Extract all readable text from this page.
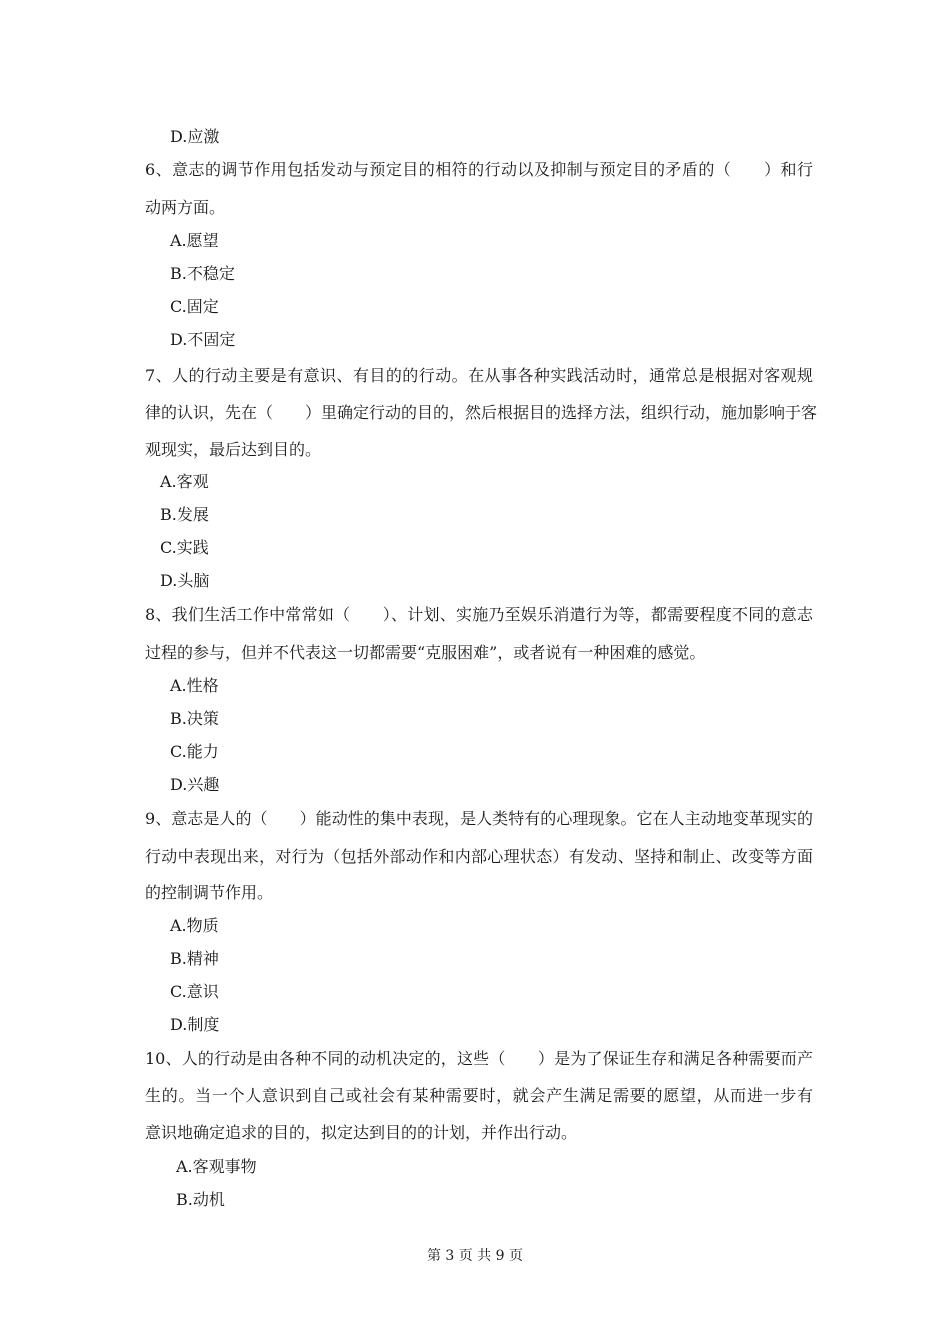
D.应激
6、意志的调节作用包括发动与预定目的相符的行动以及抑制与预定目的矛盾的（　　）和行
动两方面。
A.愿望
B.不稳定
C.固定
D.不固定
7、人的行动主要是有意识、有目的的行动。在从事各种实践活动时，通常总是根据对客观规
律的认识，先在（　　）里确定行动的目的，然后根据目的选择方法，组织行动，施加影响于客
观现实，最后达到目的。
A.客观
B.发展
C.实践
D.头脑
8、我们生活工作中常常如（　　）、计划、实施乃至娱乐消遣行为等，都需要程度不同的意志
过程的参与，但并不代表这一切都需要“克服困难”，或者说有一种困难的感觉。
A.性格
B.决策
C.能力
D.兴趣
9、意志是人的（　　）能动性的集中表现，是人类特有的心理现象。它在人主动地变革现实的
行动中表现出来，对行为（包括外部动作和内部心理状态）有发动、坚持和制止、改变等方面
的控制调节作用。
A.物质
B.精神
C.意识
D.制度
10、人的行动是由各种不同的动机决定的，这些（　　）是为了保证生存和满足各种需要而产
生的。当一个人意识到自己或社会有某种需要时，就会产生满足需要的愿望，从而进一步有
意识地确定追求的目的，拟定达到目的的计划，并作出行动。
A.客观事物
B.动机
第 3 页 共 9 页
